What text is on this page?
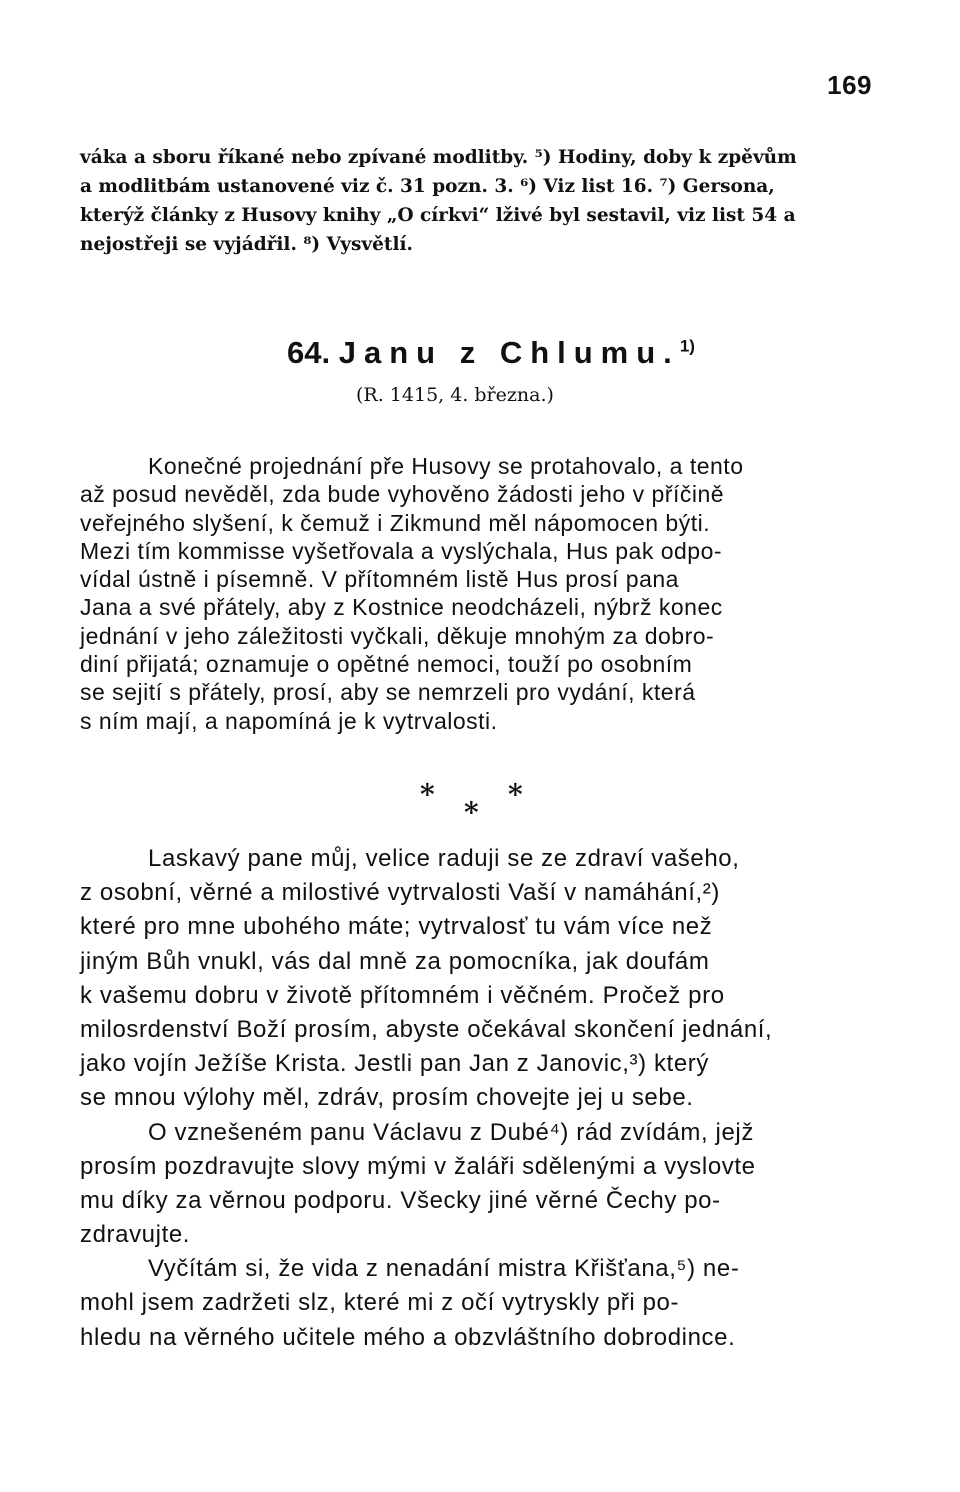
169
váka a sboru říkané nebo zpívané modlitby. ⁵) Hodiny, doby k zpěvům
a modlitbám ustanovené viz č. 31 pozn. 3. ⁶) Viz list 16. ⁷) Gersona,
kterýž články z Husovy knihy „O církvi“ lživé byl sestavil, viz list 54 a
nejostřeji se vyjádřil. ⁸) Vysvětlí.
64. Janu z Chlumu.$^{1)}$
(R. 1415, 4. března.)
Konečné projednání pře Husovy se protahovalo, a tento
až posud nevěděl, zda bude vyhověno žádosti jeho v příčině
veřejného slyšení, k čemuž i Zikmund měl nápomocen býti.
Mezi tím kommisse vyšetřovala a vyslýchala, Hus pak odpo-
vídal ústně i písemně. V přítomném listě Hus prosí pana
Jana a své přátely, aby z Kostnice neodcházeli, nýbrž konec
jednání v jeho záležitosti vyčkali, děkuje mnohým za dobro-
diní přijatá; oznamuje o opětné nemoci, touží po osobním
se sejití s přátely, prosí, aby se nemrzeli pro vydání, která
s ním mají, a napomíná je k vytrvalosti.
*
*
*
Laskavý pane můj, velice raduji se ze zdraví vašeho,
z osobní, věrné a milostivé vytrvalosti Vaší v namáhání,²)
které pro mne ubohého máte; vytrvalosť tu vám více než
jiným Bůh vnukl, vás dal mně za pomocníka, jak doufám
k vašemu dobru v životě přítomném i věčném. Pročež pro
milosrdenství Boží prosím, abyste očekával skončení jednání,
jako vojín Ježíše Krista. Jestli pan Jan z Janovic,³) který
se mnou výlohy měl, zdráv, prosím chovejte jej u sebe.
O vznešeném panu Václavu z Dubé⁴) rád zvídám, jejž
prosím pozdravujte slovy mými v žaláři sdělenými a vyslovte
mu díky za věrnou podporu. Všecky jiné věrné Čechy po-
zdravujte.
Vyčítám si, že vida z nenadání mistra Křišťana,⁵) ne-
mohl jsem zadržeti slz, které mi z očí vytryskly při po-
hledu na věrného učitele mého a obzvláštního dobrodince.
